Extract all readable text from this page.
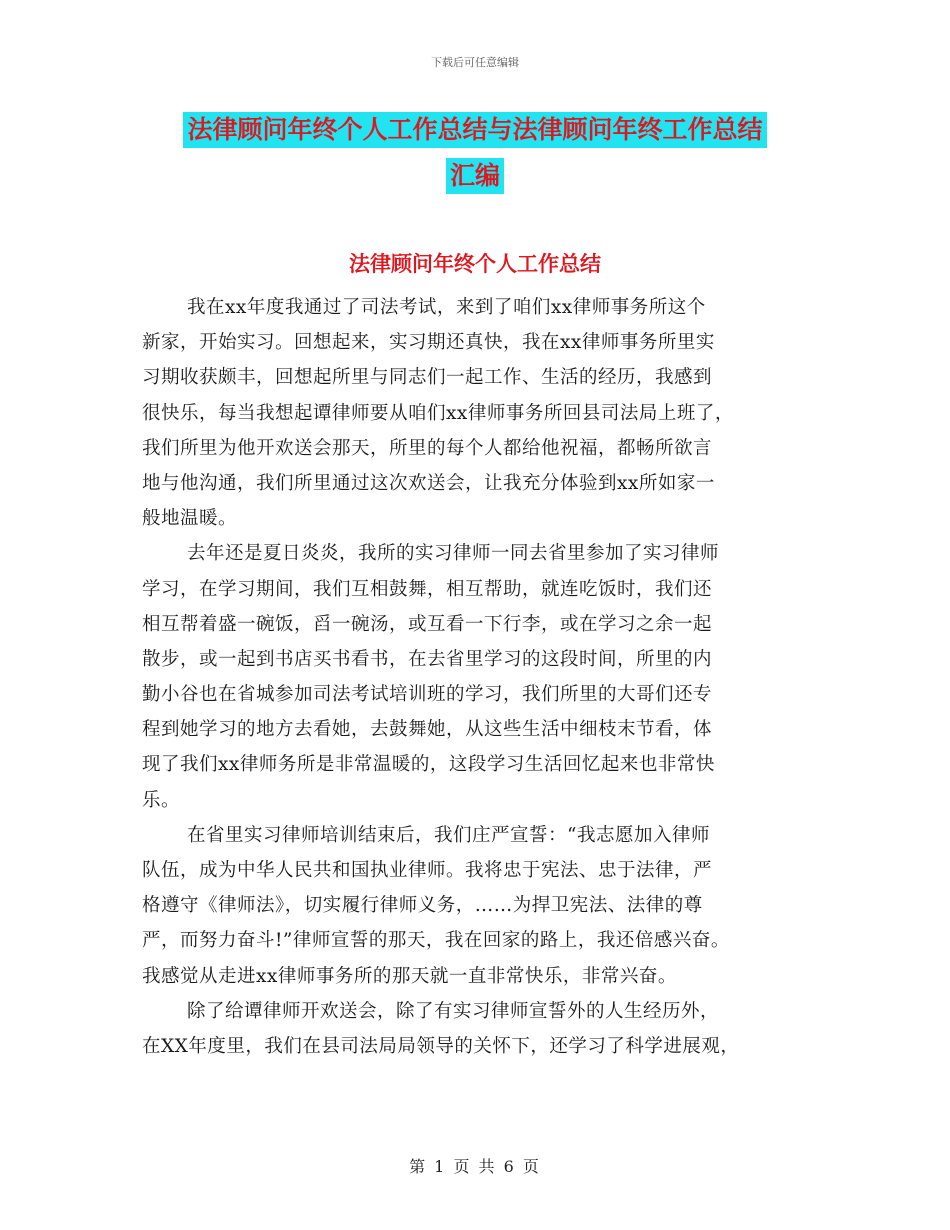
下载后可任意编辑
法律顾问年终个人工作总结与法律顾问年终工作总结
汇编
法律顾问年终个人工作总结
我在xx年度我通过了司法考试，来到了咱们xx律师事务所这个
新家，开始实习。回想起来，实习期还真快，我在xx律师事务所里实
习期收获颇丰，回想起所里与同志们一起工作、生活的经历，我感到
很快乐，每当我想起谭律师要从咱们xx律师事务所回县司法局上班了，
我们所里为他开欢送会那天，所里的每个人都给他祝福，都畅所欲言
地与他沟通，我们所里通过这次欢送会，让我充分体验到xx所如家一
般地温暖。
去年还是夏日炎炎，我所的实习律师一同去省里参加了实习律师
学习，在学习期间，我们互相鼓舞，相互帮助，就连吃饭时，我们还
相互帮着盛一碗饭，舀一碗汤，或互看一下行李，或在学习之余一起
散步，或一起到书店买书看书，在去省里学习的这段时间，所里的内
勤小谷也在省城参加司法考试培训班的学习，我们所里的大哥们还专
程到她学习的地方去看她，去鼓舞她，从这些生活中细枝末节看，体
现了我们xx律师务所是非常温暖的，这段学习生活回忆起来也非常快
乐。
在省里实习律师培训结束后，我们庄严宣誓：“我志愿加入律师
队伍，成为中华人民共和国执业律师。我将忠于宪法、忠于法律，严
格遵守《律师法》，切实履行律师义务，……为捍卫宪法、法律的尊
严，而努力奋斗!”律师宣誓的那天，我在回家的路上，我还倍感兴奋。
我感觉从走进xx律师事务所的那天就一直非常快乐，非常兴奋。
除了给谭律师开欢送会，除了有实习律师宣誓外的人生经历外，
在XX年度里，我们在县司法局局领导的关怀下，还学习了科学进展观，
第 1 页 共 6 页
